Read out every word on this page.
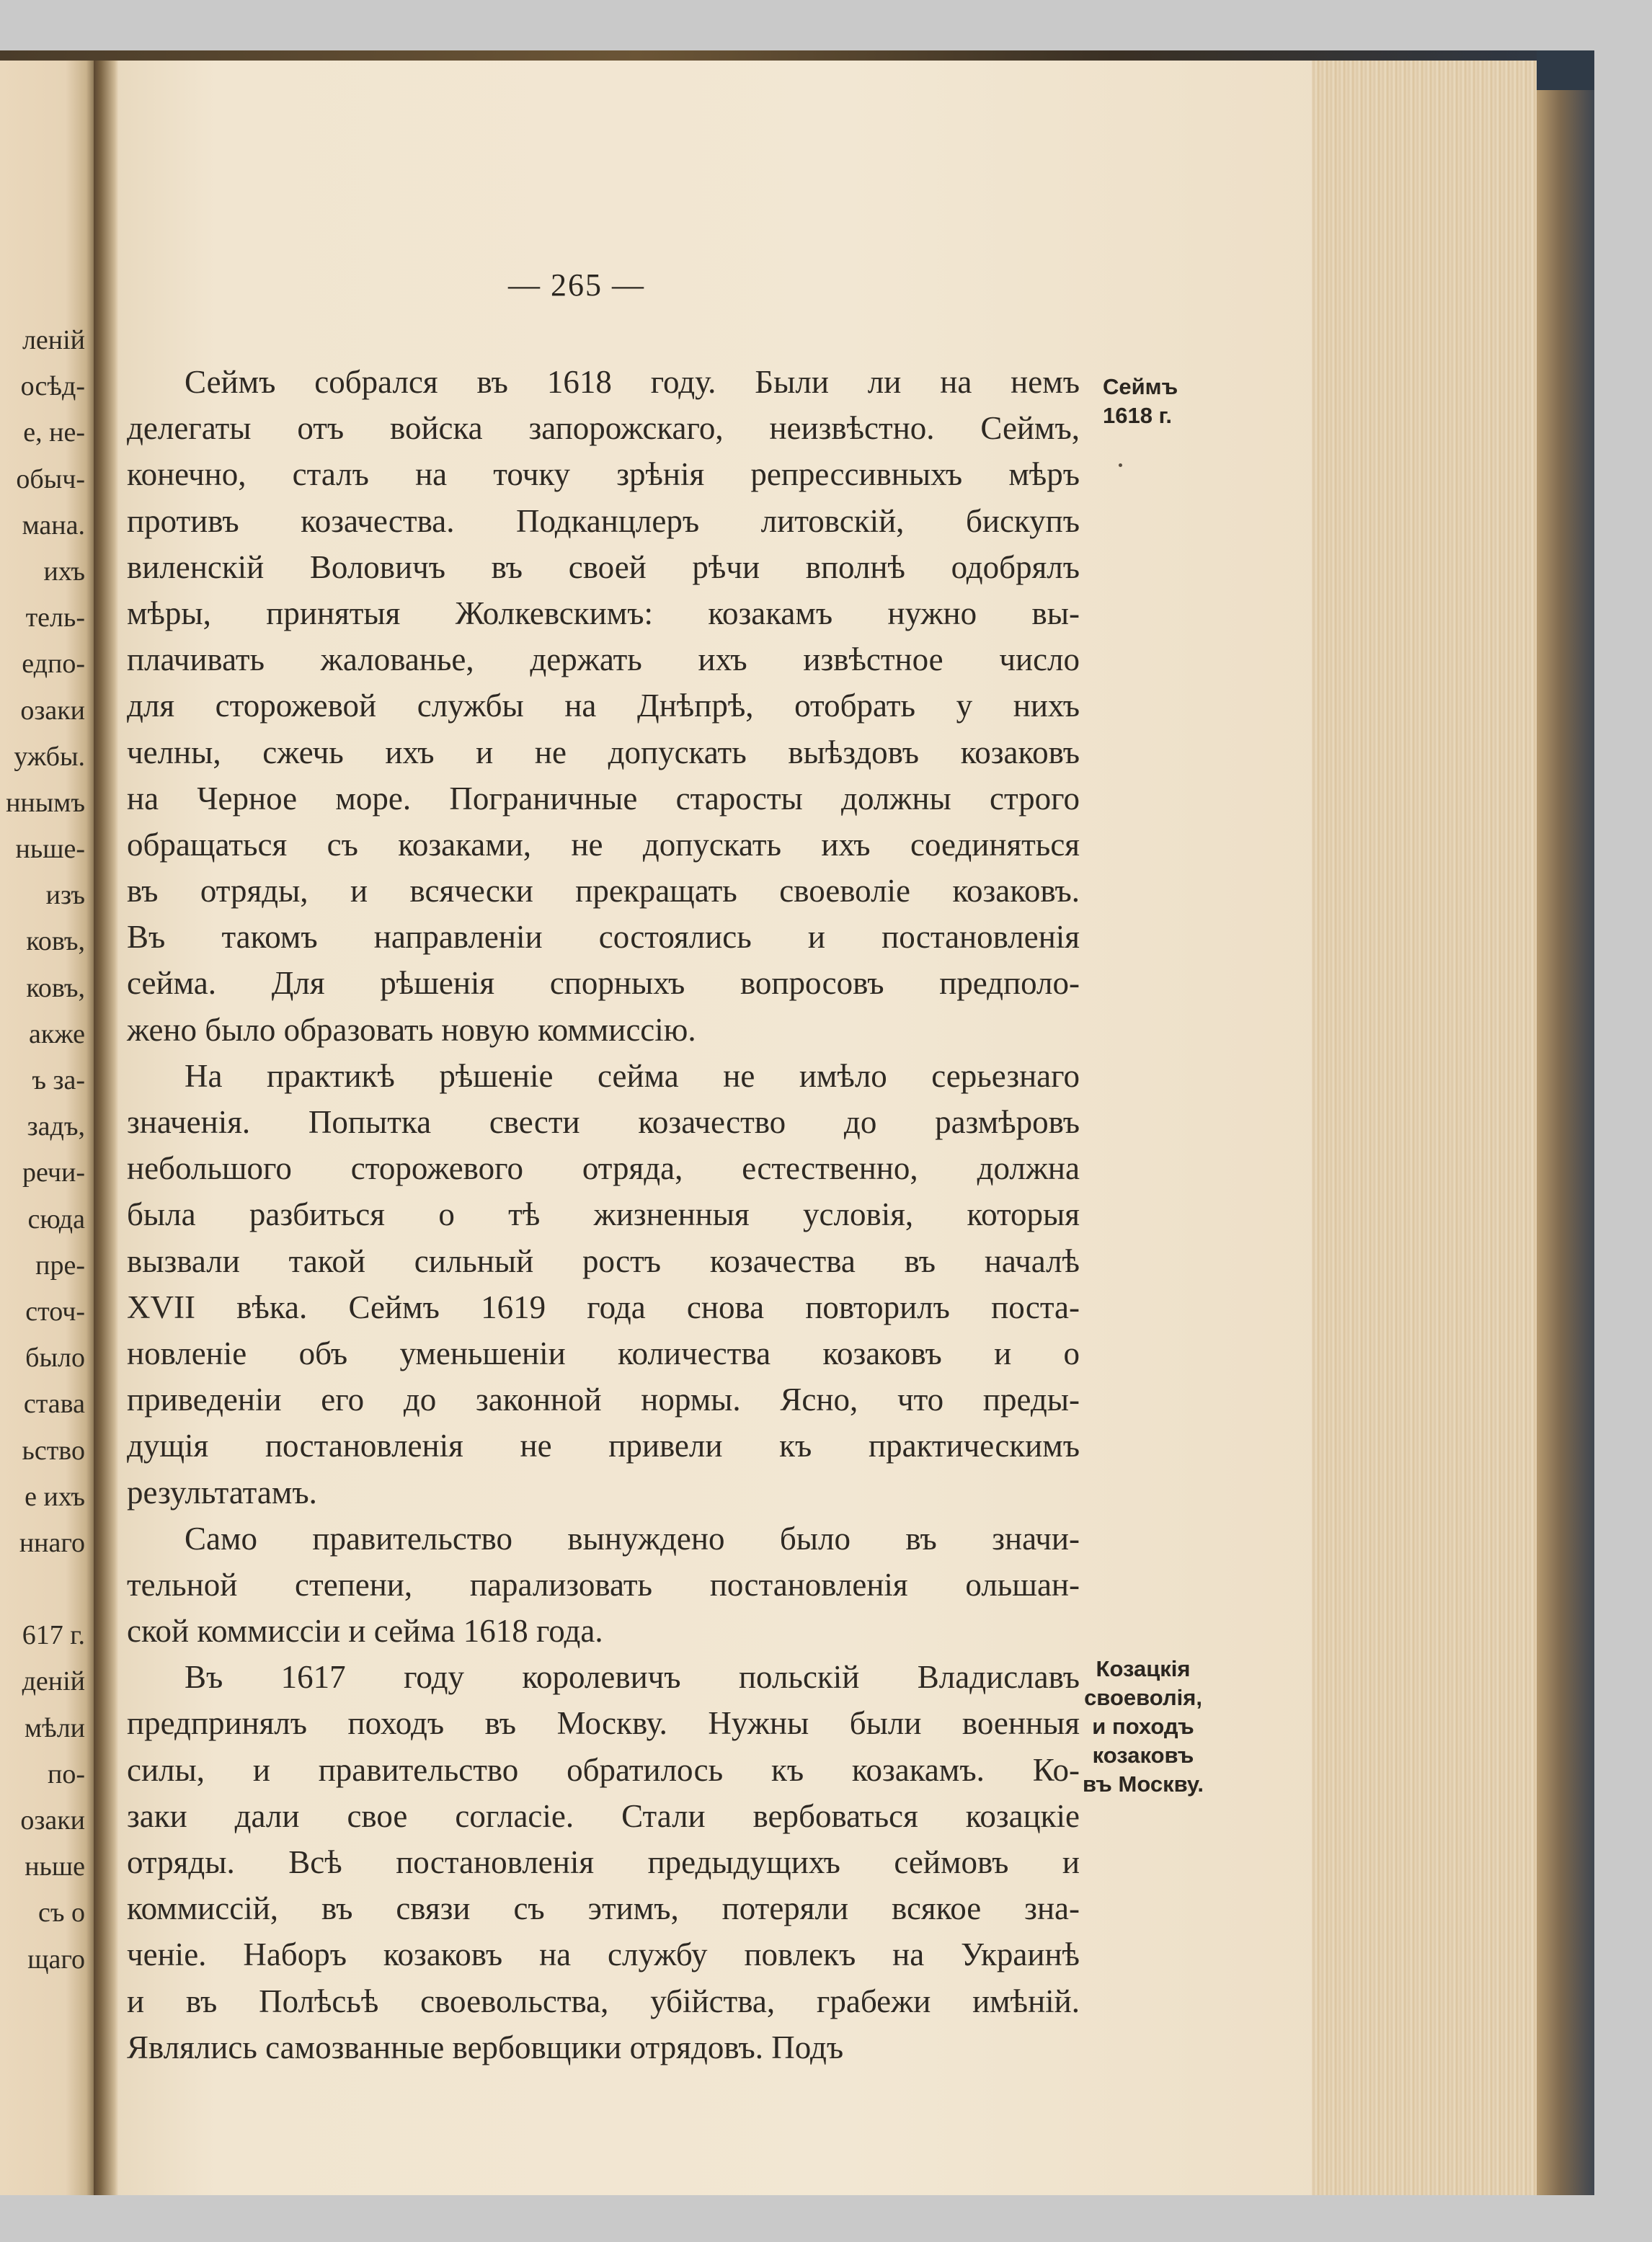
леній
осѣд-
е, не-
обыч-
мана.
ихъ
тель-
едпо-
озаки
ужбы.
ннымъ
ньше-
изъ
ковъ,
ковъ,
акже
ъ за-
задъ,
речи-
сюда
пре-
сточ-
было
става
ьство
е ихъ
ннаго
617 г.
деній
мѣли
по-
озаки
ньше
съ о
щаго
— 265 —
Сеймъ собрался въ 1618 году. Были ли на немъ
делегаты отъ войска запорожскаго, неизвѣстно. Сеймъ,
конечно, сталъ на точку зрѣнія репрессивныхъ мѣръ
противъ козачества. Подканцлеръ литовскій, бискупъ
виленскій Воловичъ въ своей рѣчи вполнѣ одобрялъ
мѣры, принятыя Жолкевскимъ: козакамъ нужно вы-
плачивать жалованье, держать ихъ извѣстное число
для сторожевой службы на Днѣпрѣ, отобрать у нихъ
челны, сжечь ихъ и не допускать выѣздовъ козаковъ
на Черное море. Пограничные старосты должны строго
обращаться съ козаками, не допускать ихъ соединяться
въ отряды, и всячески прекращать своеволіе козаковъ.
Въ такомъ направленіи состоялись и постановленія
сейма. Для рѣшенія спорныхъ вопросовъ предполо-
жено было образовать новую коммиссію.
На практикѣ рѣшеніе сейма не имѣло серьезнаго
значенія. Попытка свести козачество до размѣровъ
небольшого сторожевого отряда, естественно, должна
была разбиться о тѣ жизненныя условія, которыя
вызвали такой сильный ростъ козачества въ началѣ
XVII вѣка. Сеймъ 1619 года снова повторилъ поста-
новленіе объ уменьшеніи количества козаковъ и о
приведеніи его до законной нормы. Ясно, что преды-
дущія постановленія не привели къ практическимъ
результатамъ.
Само правительство вынуждено было въ значи-
тельной степени, парализовать постановленія ольшан-
ской коммиссіи и сейма 1618 года.
Въ 1617 году королевичъ польскій Владиславъ
предпринялъ походъ въ Москву. Нужны были военныя
силы, и правительство обратилось къ козакамъ. Ко-
заки дали свое согласіе. Стали вербоваться козацкіе
отряды. Всѣ постановленія предыдущихъ сеймовъ и
коммиссій, въ связи съ этимъ, потеряли всякое зна-
ченіе. Наборъ козаковъ на службу повлекъ на Украинѣ
и въ Полѣсьѣ своевольства, убійства, грабежи имѣній.
Являлись самозванные вербовщики отрядовъ. Подъ
Сеймъ
1618 г.
Козацкія
своеволія,
и походъ
козаковъ
въ Москву.
